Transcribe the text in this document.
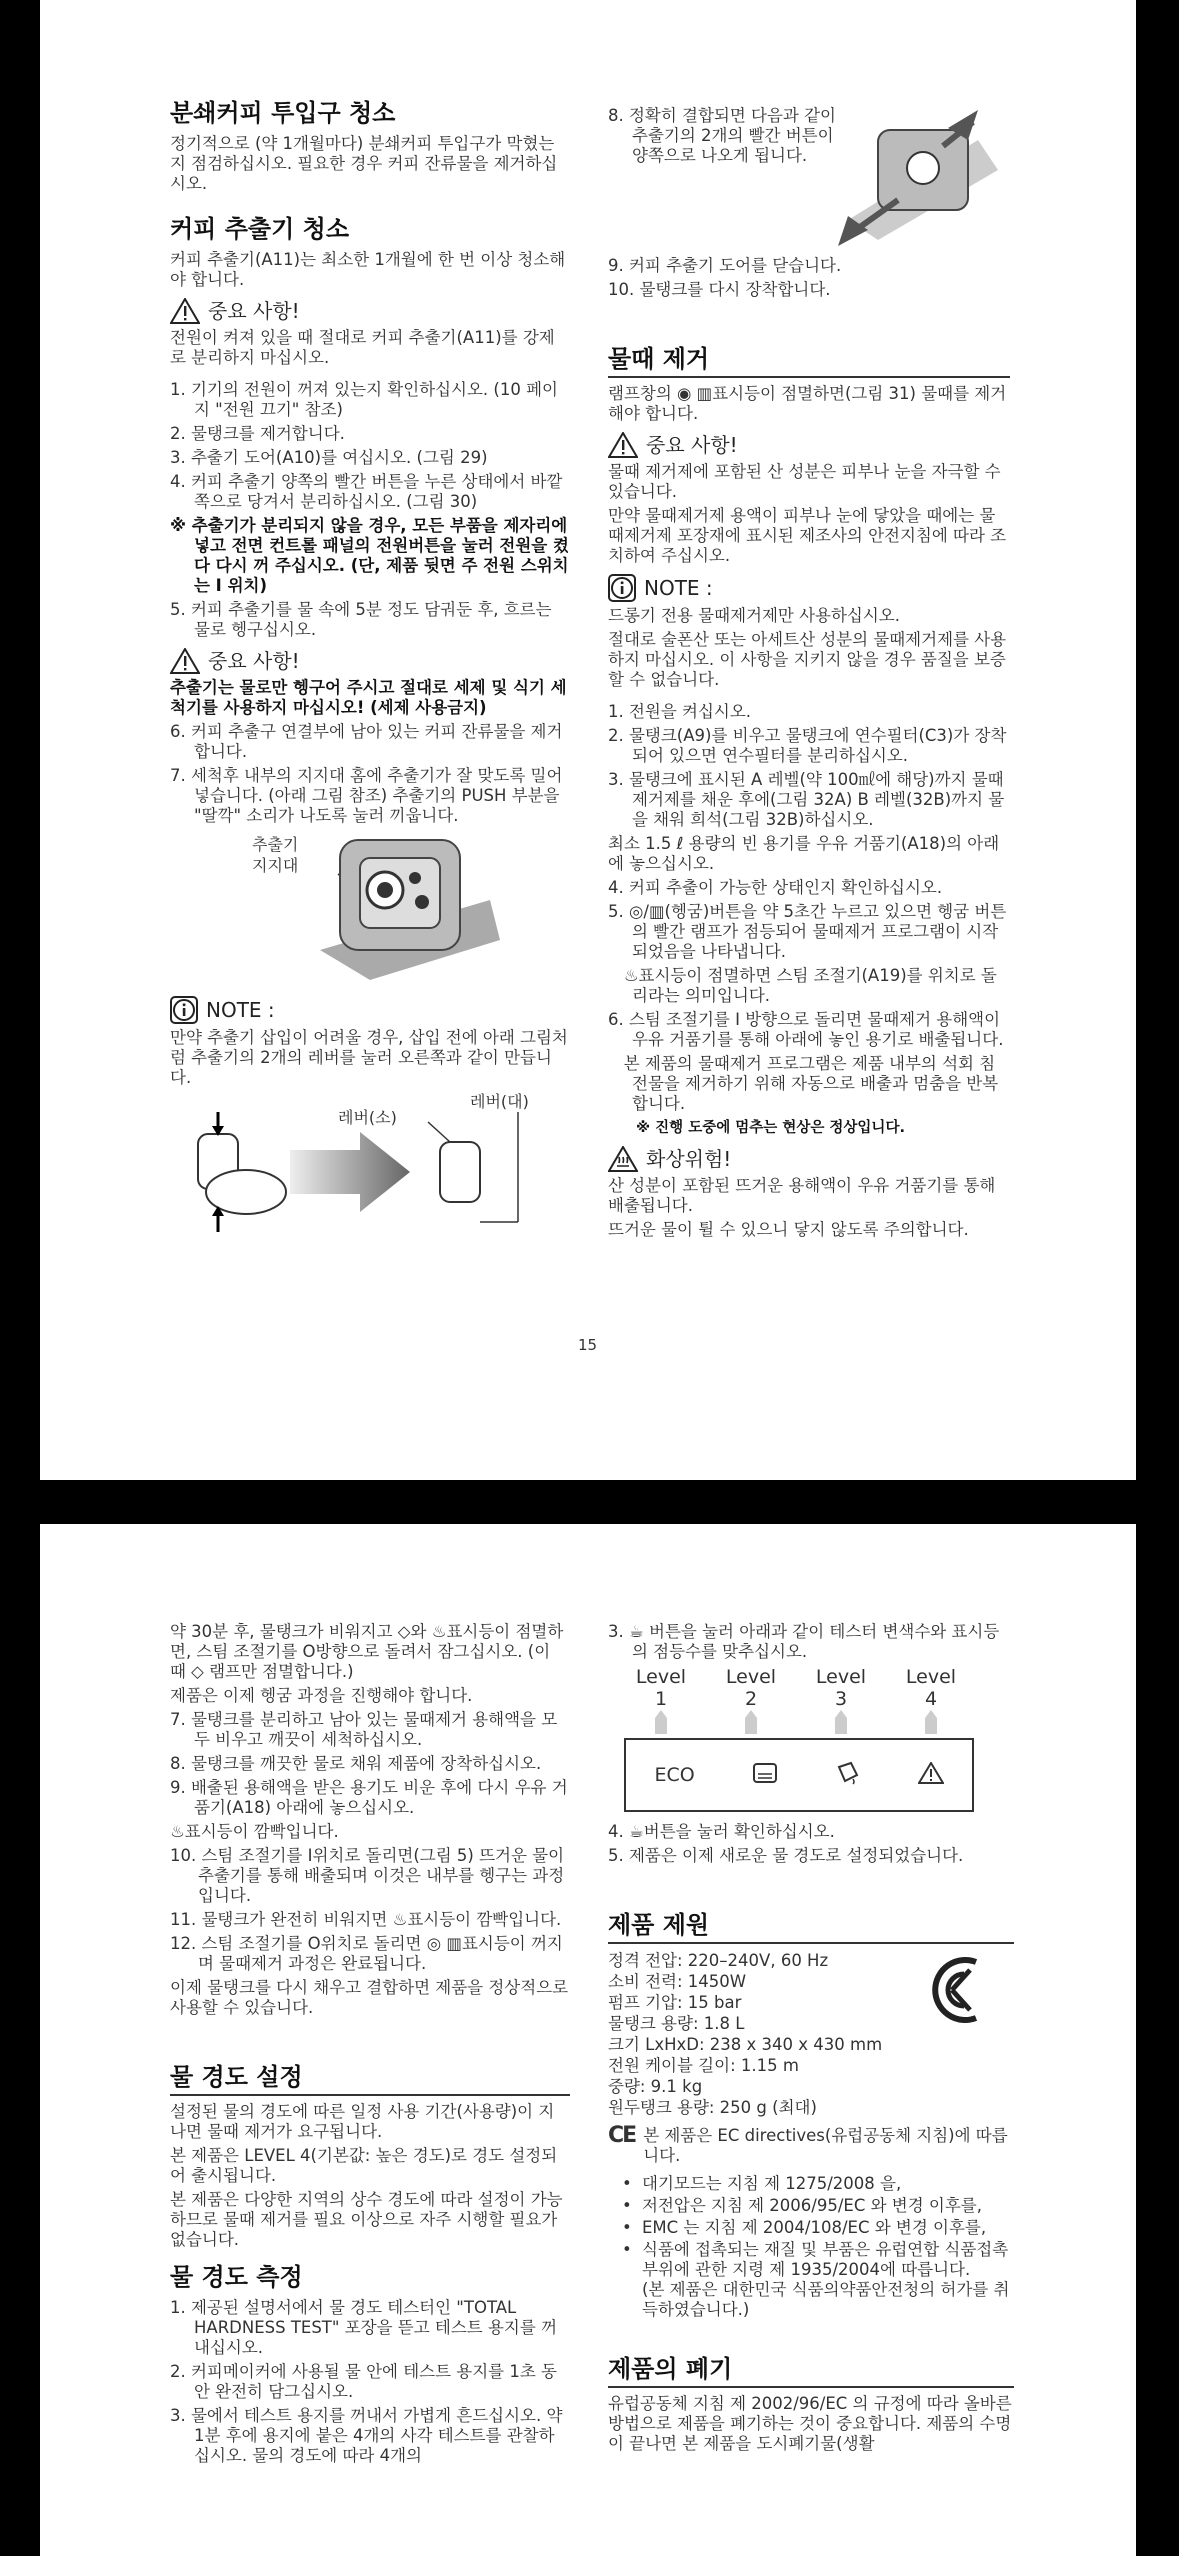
분쇄커피 투입구 청소

정기적으로 (약 1개월마다) 분쇄커피 투입구가 막혔는지 점검하십시오. 필요한 경우 커피 잔류물을 제거하십시오.

커피 추출기 청소

커피 추출기(A11)는 최소한 1개월에 한 번 이상 청소해야 합니다.

중요 사항!

전원이 켜져 있을 때 절대로 커피 추출기(A11)를 강제로 분리하지 마십시오.

1. 기기의 전원이 꺼져 있는지 확인하십시오. (10 페이지 "전원 끄기" 참조)

2. 물탱크를 제거합니다.

3. 추출기 도어(A10)를 여십시오. (그림 29)

4. 커피 추출기 양쪽의 빨간 버튼을 누른 상태에서 바깥쪽으로 당겨서 분리하십시오. (그림 30)

※ 추출기가 분리되지 않을 경우, 모든 부품을 제자리에 넣고 전면 컨트롤 패널의 전원버튼을 눌러 전원을 켰다 다시 꺼 주십시오. (단, 제품 뒷면 주 전원 스위치는 I 위치)

5. 커피 추출기를 물 속에 5분 정도 담궈둔 후, 흐르는 물로 헹구십시오.

중요 사항!

추출기는 물로만 헹구어 주시고 절대로 세제 및 식기 세척기를 사용하지 마십시오! (세제 사용금지)

6. 커피 추출구 연결부에 남아 있는 커피 잔류물을 제거합니다.

7. 세척후 내부의 지지대 홈에 추출기가 잘 맞도록 밀어 넣습니다. (아래 그림 참조) 추출기의 PUSH 부분을 "딸깍" 소리가 나도록 눌러 끼웁니다.

추출기
지지대
NOTE :

만약 추출기 삽입이 어려울 경우, 삽입 전에 아래 그림처럼 추출기의 2개의 레버를 눌러 오른쪽과 같이 만듭니다.

레버(대)
레버(소)

8. 정확히 결합되면 다음과 같이 추출기의 2개의 빨간 버튼이 양쪽으로 나오게 됩니다.

9. 커피 추출기 도어를 닫습니다.

10. 물탱크를 다시 장착합니다.

물때 제거

램프창의 ◉ ▥표시등이 점멸하면(그림 31) 물때를 제거해야 합니다.

중요 사항!

물때 제거제에 포함된 산 성분은 피부나 눈을 자극할 수 있습니다.

만약 물때제거제 용액이 피부나 눈에 닿았을 때에는 물때제거제 포장재에 표시된 제조사의 안전지침에 따라 조치하여 주십시오.

NOTE :

드롱기 전용 물때제거제만 사용하십시오.

절대로 술폰산 또는 아세트산 성분의 물때제거제를 사용하지 마십시오. 이 사항을 지키지 않을 경우 품질을 보증할 수 없습니다.

1. 전원을 켜십시오.

2. 물탱크(A9)를 비우고 물탱크에 연수필터(C3)가 장착되어 있으면 연수필터를 분리하십시오.

3. 물탱크에 표시된 A 레벨(약 100㎖에 해당)까지 물때제거제를 채운 후에(그림 32A) B 레벨(32B)까지 물을 채워 희석(그림 32B)하십시오.

최소 1.5 ℓ 용량의 빈 용기를 우유 거품기(A18)의 아래에 놓으십시오.

4. 커피 추출이 가능한 상태인지 확인하십시오.

5. ◎/▥(헹굼)버튼을 약 5초간 누르고 있으면 헹굼 버튼의 빨간 램프가 점등되어 물때제거 프로그램이 시작되었음을 나타냅니다.

♨표시등이 점멸하면 스팀 조절기(A19)를 위치로 돌리라는 의미입니다.

6. 스팀 조절기를 I 방향으로 돌리면 물때제거 용해액이 우유 거품기를 통해 아래에 놓인 용기로 배출됩니다.

본 제품의 물때제거 프로그램은 제품 내부의 석회 침전물을 제거하기 위해 자동으로 배출과 멈춤을 반복합니다.

※ 진행 도중에 멈추는 현상은 정상입니다.

화상위험!

산 성분이 포함된 뜨거운 용해액이 우유 거품기를 통해 배출됩니다.

뜨거운 물이 튈 수 있으니 닿지 않도록 주의합니다.

15

약 30분 후, 물탱크가 비워지고 ◇와 ♨표시등이 점멸하면, 스팀 조절기를 O방향으로 돌려서 잠그십시오. (이 때 ◇ 램프만 점멸합니다.)

제품은 이제 헹굼 과정을 진행해야 합니다.

7. 물탱크를 분리하고 남아 있는 물때제거 용해액을 모두 비우고 깨끗이 세척하십시오.

8. 물탱크를 깨끗한 물로 채워 제품에 장착하십시오.

9. 배출된 용해액을 받은 용기도 비운 후에 다시 우유 거품기(A18) 아래에 놓으십시오.

♨표시등이 깜빡입니다.

10. 스팀 조절기를 I위치로 돌리면(그림 5) 뜨거운 물이 추출기를 통해 배출되며 이것은 내부를 헹구는 과정입니다.

11. 물탱크가 완전히 비워지면 ♨표시등이 깜빡입니다.

12. 스팀 조절기를 O위치로 돌리면 ◎ ▥표시등이 꺼지며 물때제거 과정은 완료됩니다.

이제 물탱크를 다시 채우고 결합하면 제품을 정상적으로 사용할 수 있습니다.

물 경도 설정

설정된 물의 경도에 따른 일정 사용 기간(사용량)이 지나면 물때 제거가 요구됩니다.

본 제품은 LEVEL 4(기본값: 높은 경도)로 경도 설정되어 출시됩니다.

본 제품은 다양한 지역의 상수 경도에 따라 설정이 가능하므로 물때 제거를 필요 이상으로 자주 시행할 필요가 없습니다.

물 경도 측정

1. 제공된 설명서에서 물 경도 테스터인 "TOTAL HARDNESS TEST" 포장을 뜯고 테스트 용지를 꺼내십시오.

2. 커피메이커에 사용될 물 안에 테스트 용지를 1초 동안 완전히 담그십시오.

3. 물에서 테스트 용지를 꺼내서 가볍게 흔드십시오. 약 1분 후에 용지에 붙은 4개의 사각 테스트를 관찰하십시오. 물의 경도에 따라 4개의

3. ☕ 버튼을 눌러 아래과 같이 테스터 변색수와 표시등의 점등수를 맞추십시오.

Level
1
Level
2
Level
3
Level
4
ECO

4. ☕버튼을 눌러 확인하십시오.

5. 제품은 이제 새로운 물 경도로 설정되었습니다.

제품 제원

정격 전압: 220–240V, 60 Hz

소비 전력: 1450W

펌프 기압: 15 bar

물탱크 용량: 1.8 L

크기 LxHxD: 238 x 340 x 430 mm

전원 케이블 길이: 1.15 m

중량: 9.1 kg

원두탱크 용량: 250 g (최대)

CE 본 제품은 EC directives(유럽공동체 지침)에 따릅니다.

• 대기모드는 지침 제 1275/2008 을,

• 저전압은 지침 제 2006/95/EC 와 변경 이후를,

• EMC 는 지침 제 2004/108/EC 와 변경 이후를,

• 식품에 접촉되는 재질 및 부품은 유럽연합 식품접촉 부위에 관한 지령 제 1935/2004에 따릅니다.
(본 제품은 대한민국 식품의약품안전청의 허가를 취득하였습니다.)

제품의 폐기

유럽공동체 지침 제 2002/96/EC 의 규정에 따라 올바른 방법으로 제품을 폐기하는 것이 중요합니다. 제품의 수명이 끝나면 본 제품을 도시폐기물(생활
